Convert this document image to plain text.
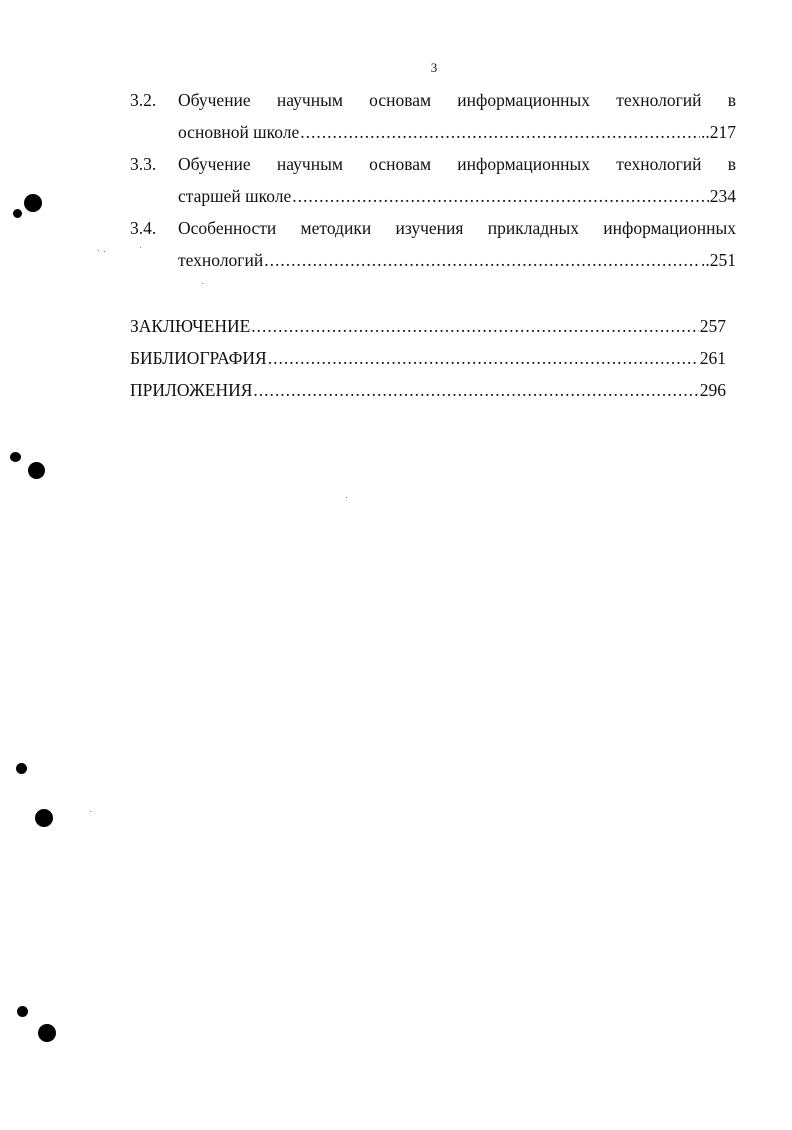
3
3.2.	Обучение научным основам информационных технологий в
основной школе .....	..217
3.3.	Обучение научным основам информационных технологий в
старшей школе .....	234
3.4.	Особенности методики изучения прикладных информационных
технологий .....	..251
ЗАКЛЮЧЕНИЕ .....	257
БИБЛИОГРАФИЯ .....	261
ПРИЛОЖЕНИЯ .....	296
